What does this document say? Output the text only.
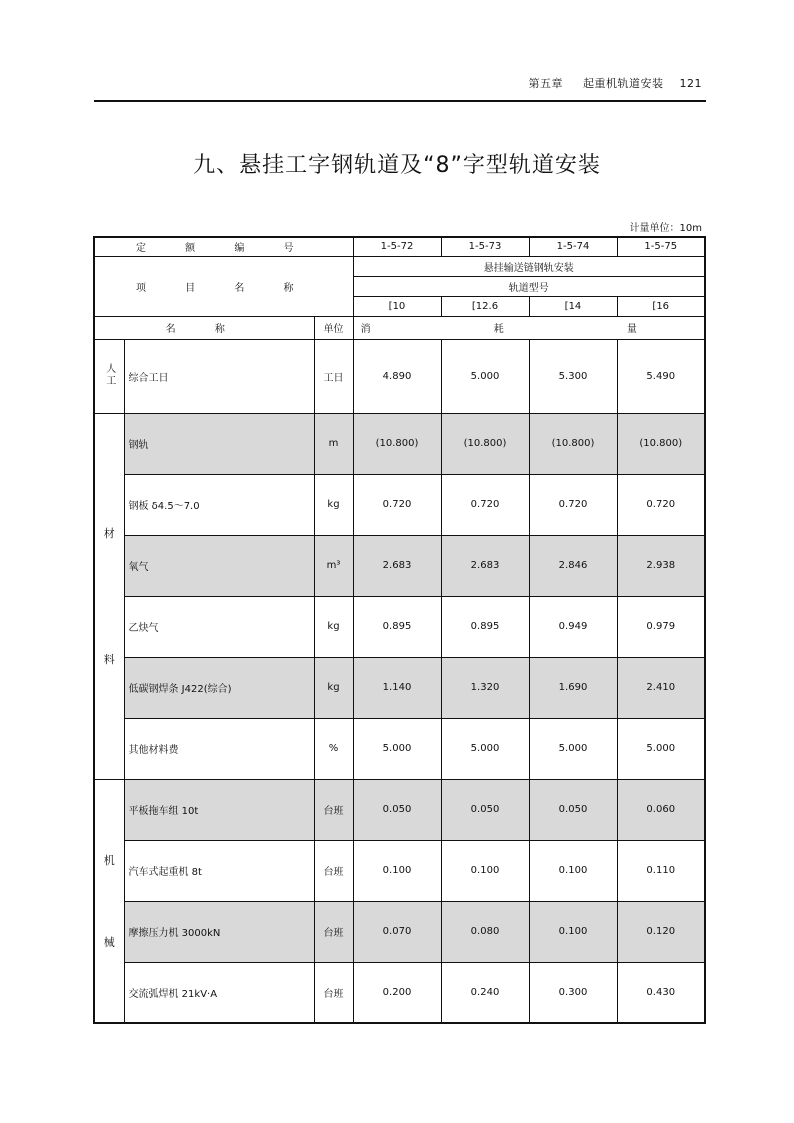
第五章 起重机轨道安装 121
九、悬挂工字钢轨道及“8”字型轨道安装
计量单位：10m
定 额 编 号			1-5-72	1-5-73	1-5-74	1-5-75
项 目 名 称			悬挂输送链钢轨安装			
			轨道型号			
			[10	[12.6	[14	[16
名 称		单位	消 耗 量			
人工	综合工日	工日	4.890	5.000	5.300	5.490

材
料	钢轨	m	(10.800)	(10.800)	(10.800)	(10.800)
	钢板 δ4.5～7.0	kg	0.720	0.720	0.720	0.720
	氧气	m³	2.683	2.683	2.846	2.938
	乙炔气	kg	0.895	0.895	0.949	0.979
	低碳钢焊条 J422(综合)	kg	1.140	1.320	1.690	2.410
	其他材料费	%	5.000	5.000	5.000	5.000

机
械	平板拖车组 10t	台班	0.050	0.050	0.050	0.060
	汽车式起重机 8t	台班	0.100	0.100	0.100	0.110
	摩擦压力机 3000kN	台班	0.070	0.080	0.100	0.120
	交流弧焊机 21kV·A	台班	0.200	0.240	0.300	0.430
